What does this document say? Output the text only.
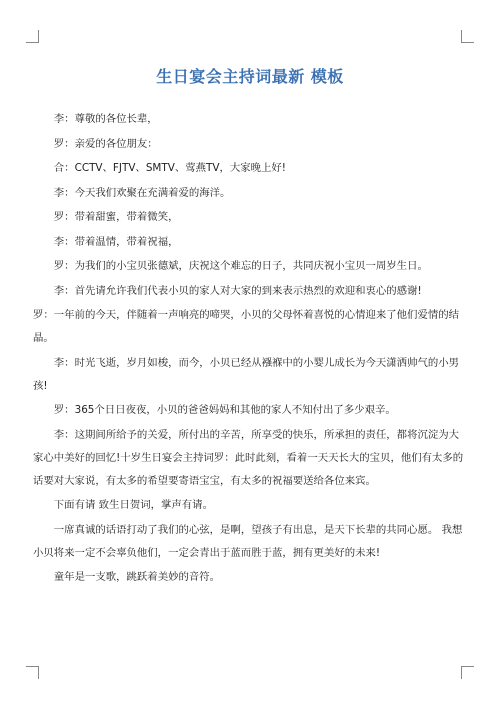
生日宴会主持词最新 模板

李：尊敬的各位长辈，

罗：亲爱的各位朋友：

合：CCTV、FJTV、SMTV、莺燕TV，大家晚上好!

李：今天我们欢聚在充满着爱的海洋。

罗：带着甜蜜，带着微笑，

李：带着温情，带着祝福，

罗：为我们的小宝贝张德斌，庆祝这个难忘的日子，共同庆祝小宝贝一周岁生日。

李：首先请允许我们代表小贝的家人对大家的到来表示热烈的欢迎和衷心的感谢!

罗：一年前的今天，伴随着一声响亮的啼哭，小贝的父母怀着喜悦的心情迎来了他们爱情的结晶。

李：时光飞逝，岁月如梭，而今，小贝已经从襁褓中的小婴儿成长为今天潇洒帅气的小男孩!

罗：365个日日夜夜，小贝的爸爸妈妈和其他的家人不知付出了多少艰辛。

李：这期间所给予的关爱，所付出的辛苦，所享受的快乐，所承担的责任，都将沉淀为大家心中美好的回忆!十岁生日宴会主持词罗：此时此刻，看着一天天长大的宝贝，他们有太多的话要对大家说，有太多的希望要寄语宝宝，有太多的祝福要送给各位来宾。

下面有请 致生日贺词，掌声有请。

一席真诚的话语打动了我们的心弦，是啊，望孩子有出息，是天下长辈的共同心愿。 我想小贝将来一定不会辜负他们，一定会青出于蓝而胜于蓝，拥有更美好的未来!

童年是一支歌，跳跃着美妙的音符。
